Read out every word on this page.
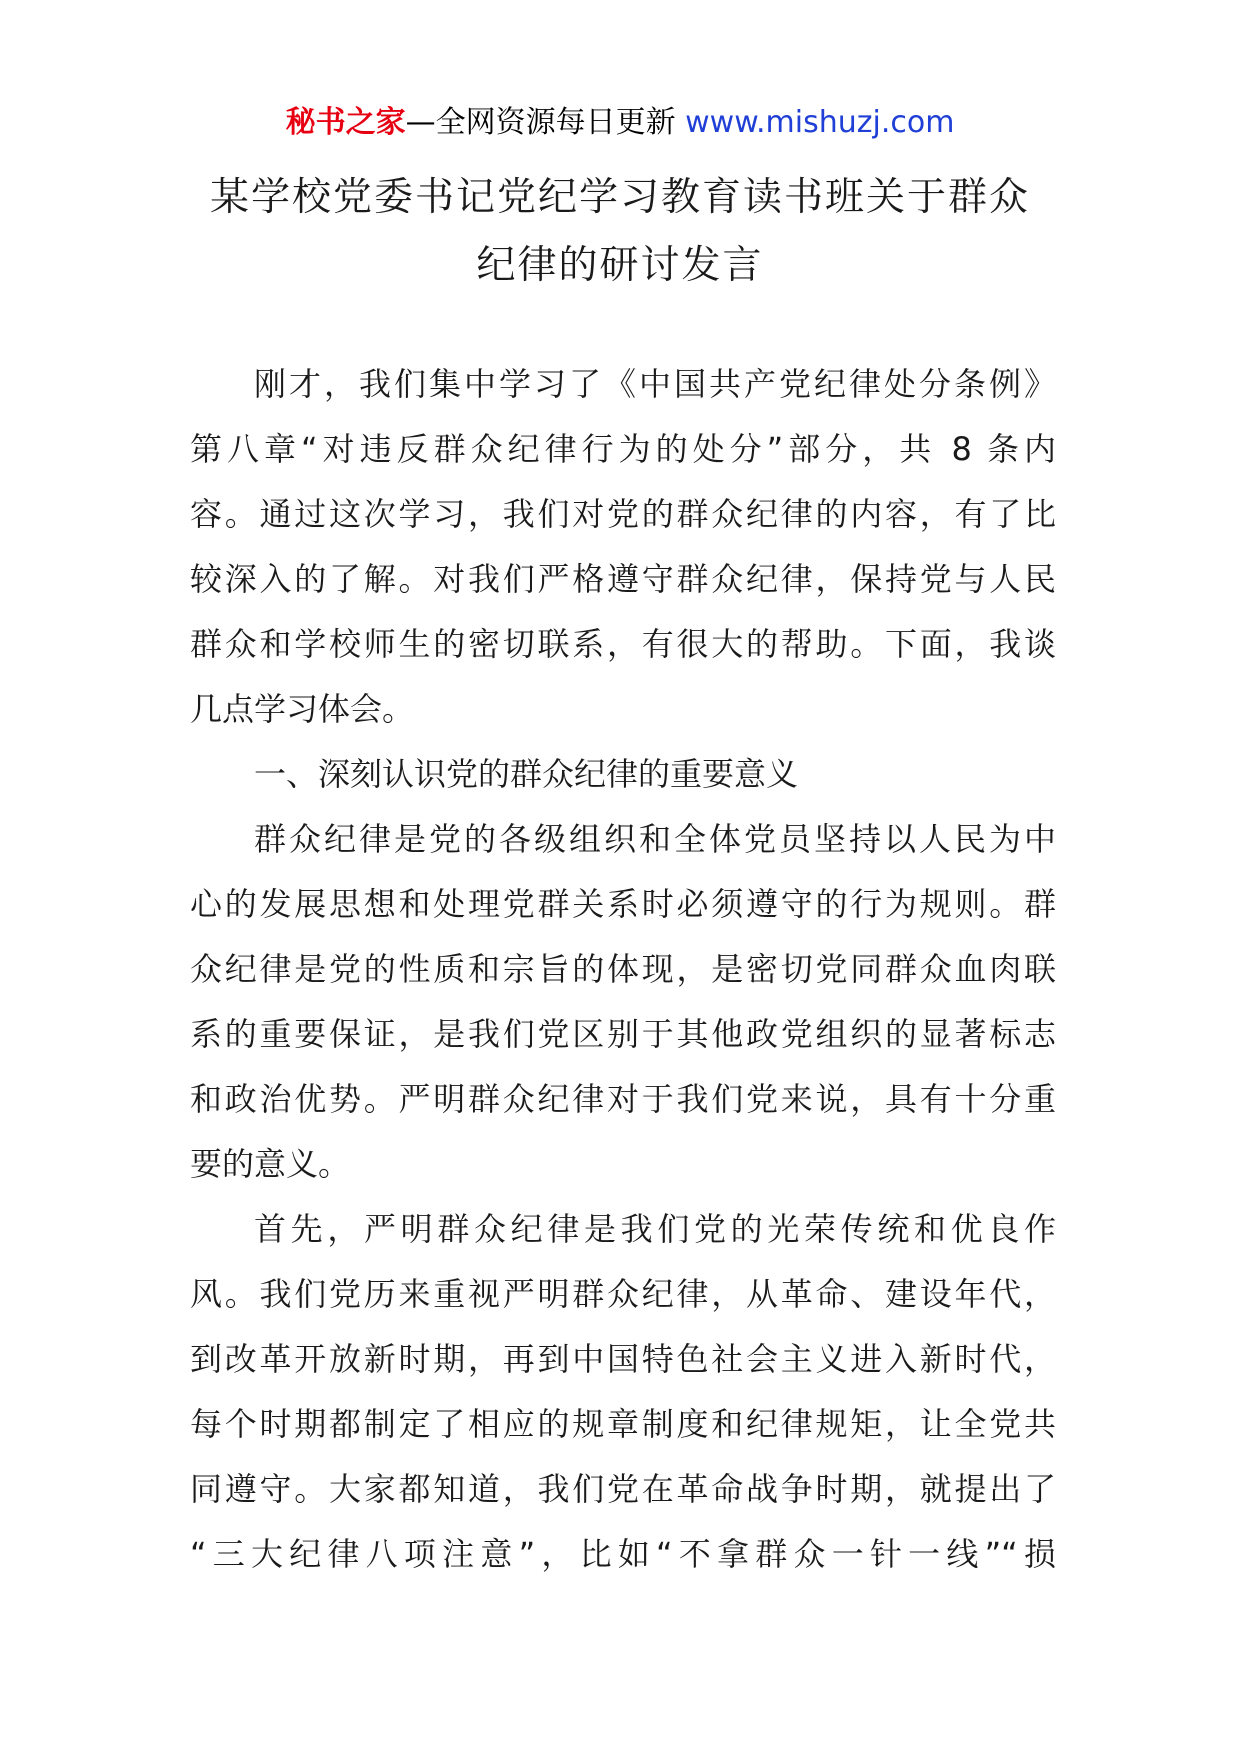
秘书之家—全网资源每日更新 www.mishuzj.com
某学校党委书记党纪学习教育读书班关于群众
纪律的研讨发言
刚才，我们集中学习了《中国共产党纪律处分条例》
第八章“对违反群众纪律行为的处分”部分，共 8 条内
容。通过这次学习，我们对党的群众纪律的内容，有了比
较深入的了解。对我们严格遵守群众纪律，保持党与人民
群众和学校师生的密切联系，有很大的帮助。下面，我谈
几点学习体会。
一、深刻认识党的群众纪律的重要意义
群众纪律是党的各级组织和全体党员坚持以人民为中
心的发展思想和处理党群关系时必须遵守的行为规则。群
众纪律是党的性质和宗旨的体现，是密切党同群众血肉联
系的重要保证，是我们党区别于其他政党组织的显著标志
和政治优势。严明群众纪律对于我们党来说，具有十分重
要的意义。
首先，严明群众纪律是我们党的光荣传统和优良作
风。我们党历来重视严明群众纪律，从革命、建设年代，
到改革开放新时期，再到中国特色社会主义进入新时代，
每个时期都制定了相应的规章制度和纪律规矩，让全党共
同遵守。大家都知道，我们党在革命战争时期，就提出了
“三大纪律八项注意”，比如“不拿群众一针一线”“损
